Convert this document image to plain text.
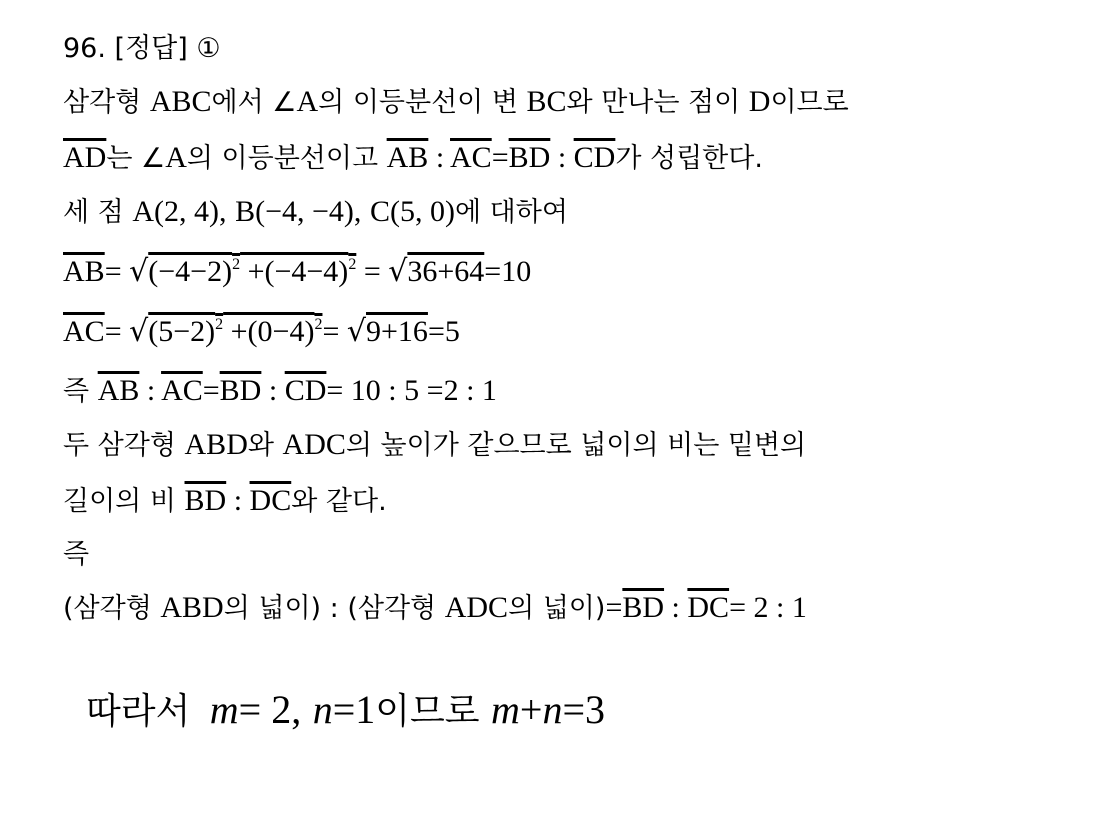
96. [정답] ①
삼각형 ABC에서 ∠A의 이등분선이 변 BC와 만나는 점이 D이므로
$\overline{AD}$는 ∠A의 이등분선이고 $\overline{AB}$ : $\overline{AC}=\overline{BD}$ : $\overline{CD}$가 성립한다.
세 점 A(2, 4), B(−4, −4), C(5, 0)에 대하여
$\overline{AB}= √(-4-2)^2 +(-4-4)^2 = √36+64=10$
$\overline{AC}= √(5-2)^2 +(0-4)^2= √9+16=5$
즉 $\overline{AB}$ : $\overline{AC}=\overline{BD}$ : $\overline{CD}= 10$ : 5 =2 : 1
두 삼각형 ABD와 ADC의 높이가 같으므로 넓이의 비는 밑변의
길이의 비 $\overline{BD}$ : $\overline{DC}$와 같다.
즉
(삼각형 ABD의 넓이) : (삼각형 ADC의 넓이)$=\overline{BD}$ : $\overline{DC}= 2$ : 1
따라서 m= 2, n=1이므로 m+n=3
